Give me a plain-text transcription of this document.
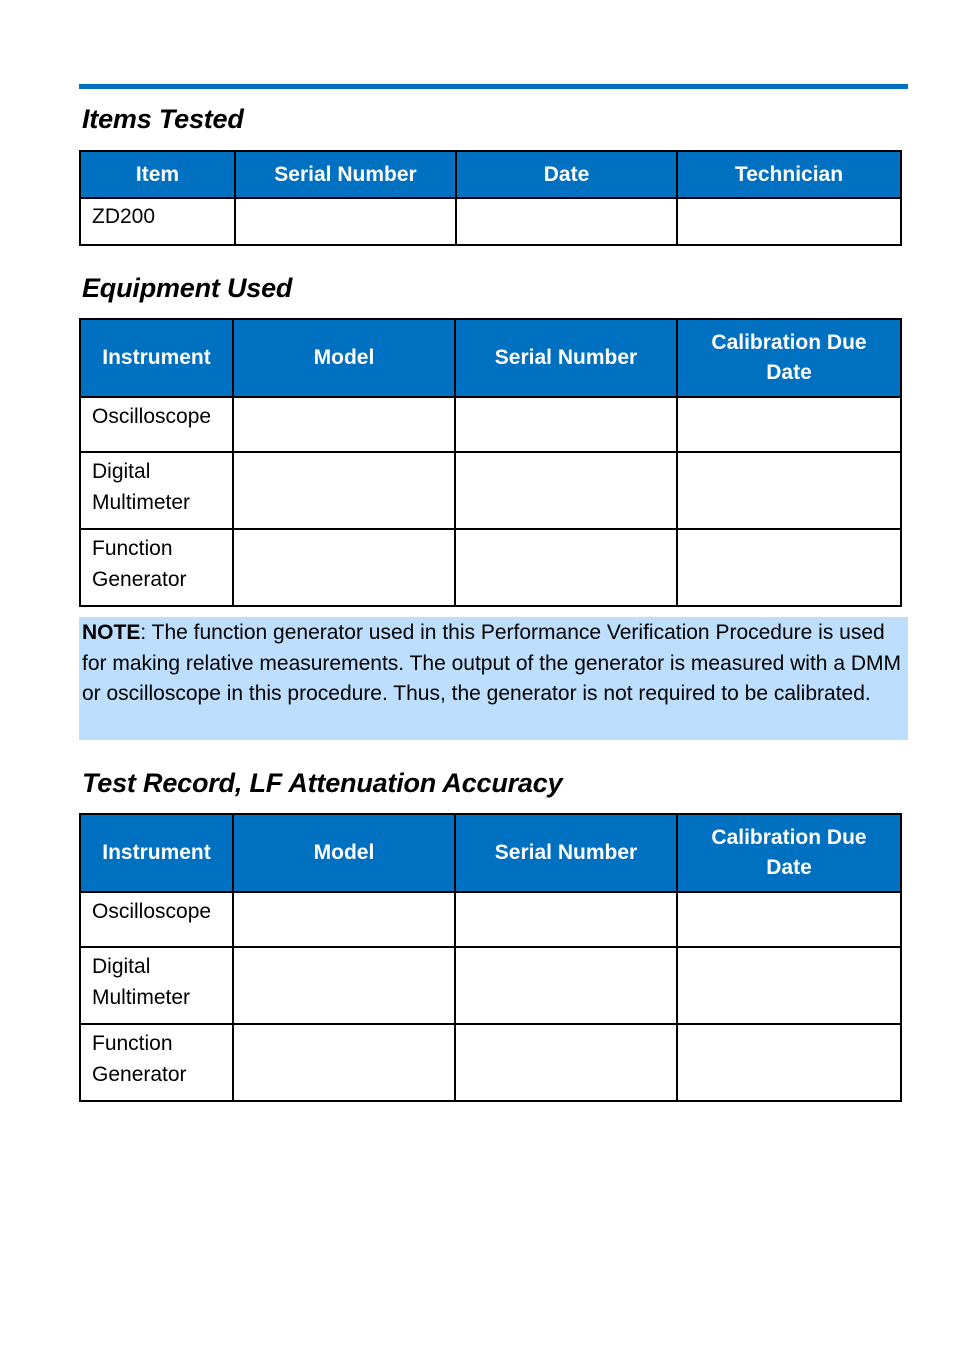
Items Tested
Item	Serial Number	Date	Technician
ZD200			
Equipment Used
Instrument	Model	Serial Number	Calibration Due Date
Oscilloscope			
Digital Multimeter			
Function Generator			
NOTE: The function generator used in this Performance Verification Procedure is used for making relative measurements. The output of the generator is measured with a DMM or oscilloscope in this procedure. Thus, the generator is not required to be calibrated.
Test Record, LF Attenuation Accuracy
Instrument	Model	Serial Number	Calibration Due Date
Oscilloscope			
Digital Multimeter			
Function Generator			
